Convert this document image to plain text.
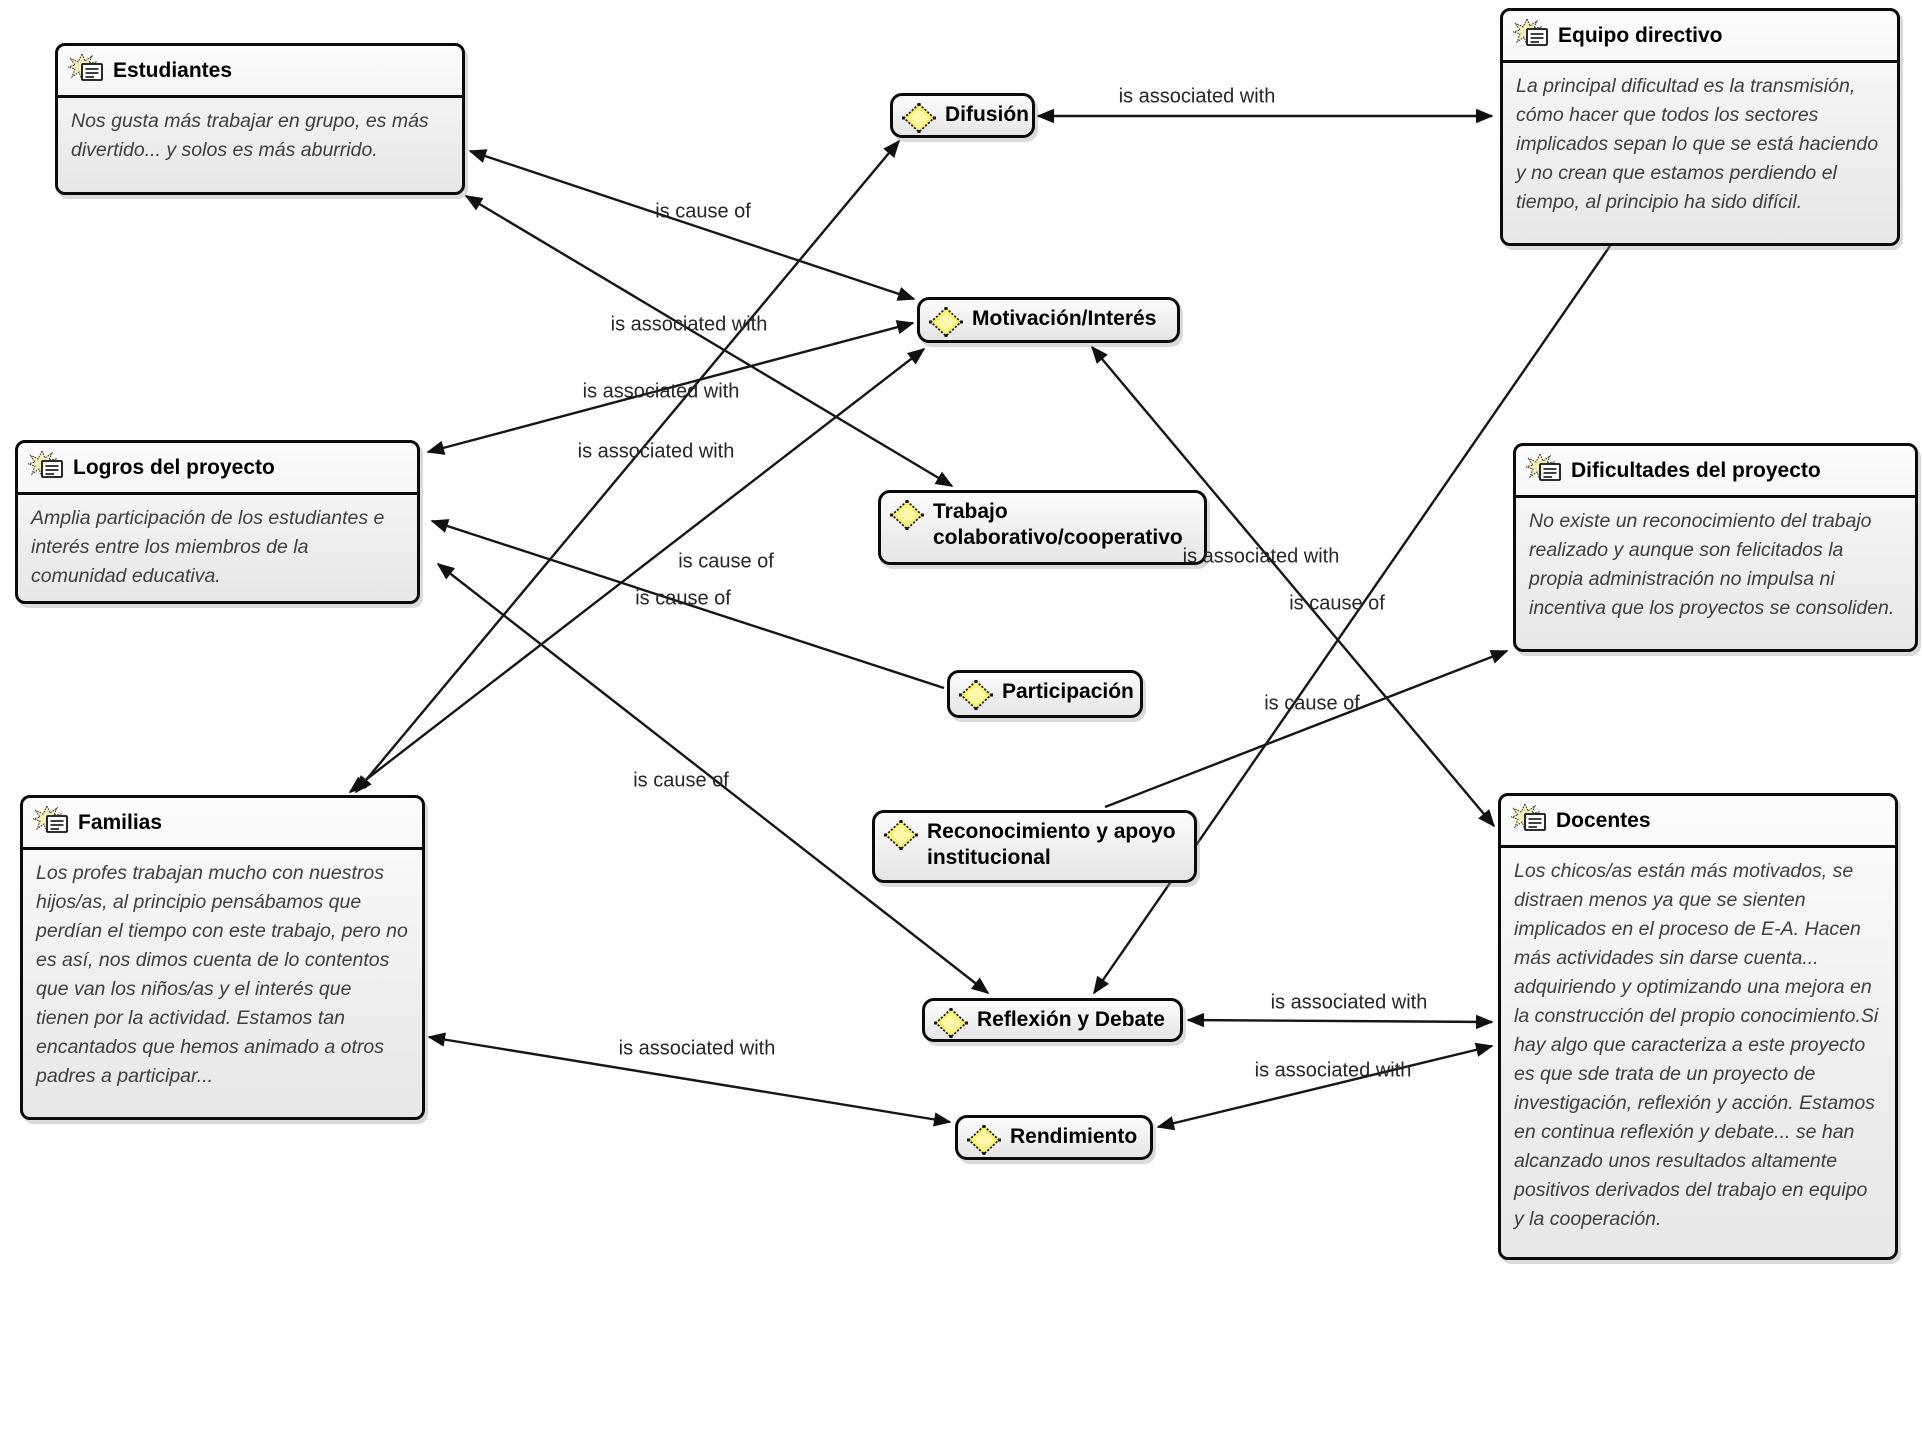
Estudiantes
Nos gusta más trabajar en grupo, es más divertido... y solos es más aburrido.
Equipo directivo
La principal dificultad es la transmisión, cómo hacer que todos los sectores implicados sepan lo que se está haciendo y no crean que estamos perdiendo el tiempo, al principio ha sido difícil.
Logros del proyecto
Amplia participación de los estudiantes e interés entre los miembros de la comunidad educativa.
Dificultades del proyecto
No existe un reconocimiento del trabajo realizado y aunque son felicitados la propia administración no impulsa ni incentiva que los proyectos se consoliden.
Familias
Los profes trabajan mucho con nuestros hijos/as, al principio pensábamos que perdían el tiempo con este trabajo, pero no es así, nos dimos cuenta de lo contentos que van los niños/as y el interés que tienen por la actividad. Estamos tan encantados que hemos animado a otros padres a participar...
Docentes
Los chicos/as están más motivados, se distraen menos ya que se sienten implicados en el proceso de E-A. Hacen más actividades sin darse cuenta... adquiriendo y optimizando una mejora en la construcción del propio conocimiento.Si hay algo que caracteriza a este proyecto es que sde trata de un proyecto de investigación, reflexión y acción. Estamos en continua reflexión y debate... se han alcanzado unos resultados altamente positivos derivados del trabajo en equipo y la cooperación.
Difusión
Motivación/Interés
Trabajo colaborativo/cooperativo
Participación
Reconocimiento y apoyo institucional
Reflexión y Debate
Rendimiento
is associated with
is cause of
is associated with
is associated with
is associated with
is cause of
is cause of
is associated with
is cause of
is cause of
is cause of
is associated with
is associated with
is associated with
